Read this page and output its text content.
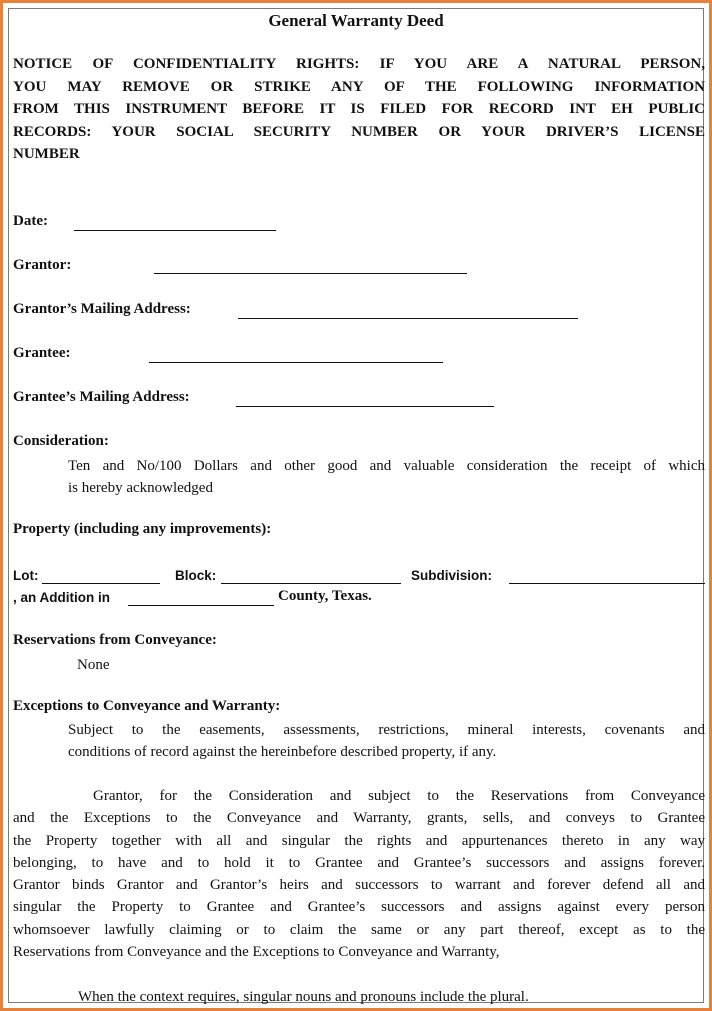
General Warranty Deed
NOTICE OF CONFIDENTIALITY RIGHTS: IF YOU ARE A NATURAL PERSON,
YOU MAY REMOVE OR STRIKE ANY OF THE FOLLOWING INFORMATION
FROM THIS INSTRUMENT BEFORE IT IS FILED FOR RECORD INT EH PUBLIC
RECORDS: YOUR SOCIAL SECURITY NUMBER OR YOUR DRIVER’S LICENSE
NUMBER
Date:
Grantor:
Grantor’s Mailing Address:
Grantee:
Grantee’s Mailing Address:
Consideration:
Ten and No/100 Dollars and other good and valuable consideration the receipt of which
is hereby acknowledged
Property (including any improvements):
Lot:	Block:	Subdivision:
, an Addition in	County, Texas.
Reservations from Conveyance:
None
Exceptions to Conveyance and Warranty:
Subject to the easements, assessments, restrictions, mineral interests, covenants and
conditions of record against the hereinbefore described property, if any.
Grantor, for the Consideration and subject to the Reservations from Conveyance
and the Exceptions to the Conveyance and Warranty, grants, sells, and conveys to Grantee
the Property together with all and singular the rights and appurtenances thereto in any way
belonging, to have and to hold it to Grantee and Grantee’s successors and assigns forever.
Grantor binds Grantor and Grantor’s heirs and successors to warrant and forever defend all and
singular the Property to Grantee and Grantee’s successors and assigns against every person
whomsoever lawfully claiming or to claim the same or any part thereof, except as to the
Reservations from Conveyance and the Exceptions to Conveyance and Warranty,
When the context requires, singular nouns and pronouns include the plural.
